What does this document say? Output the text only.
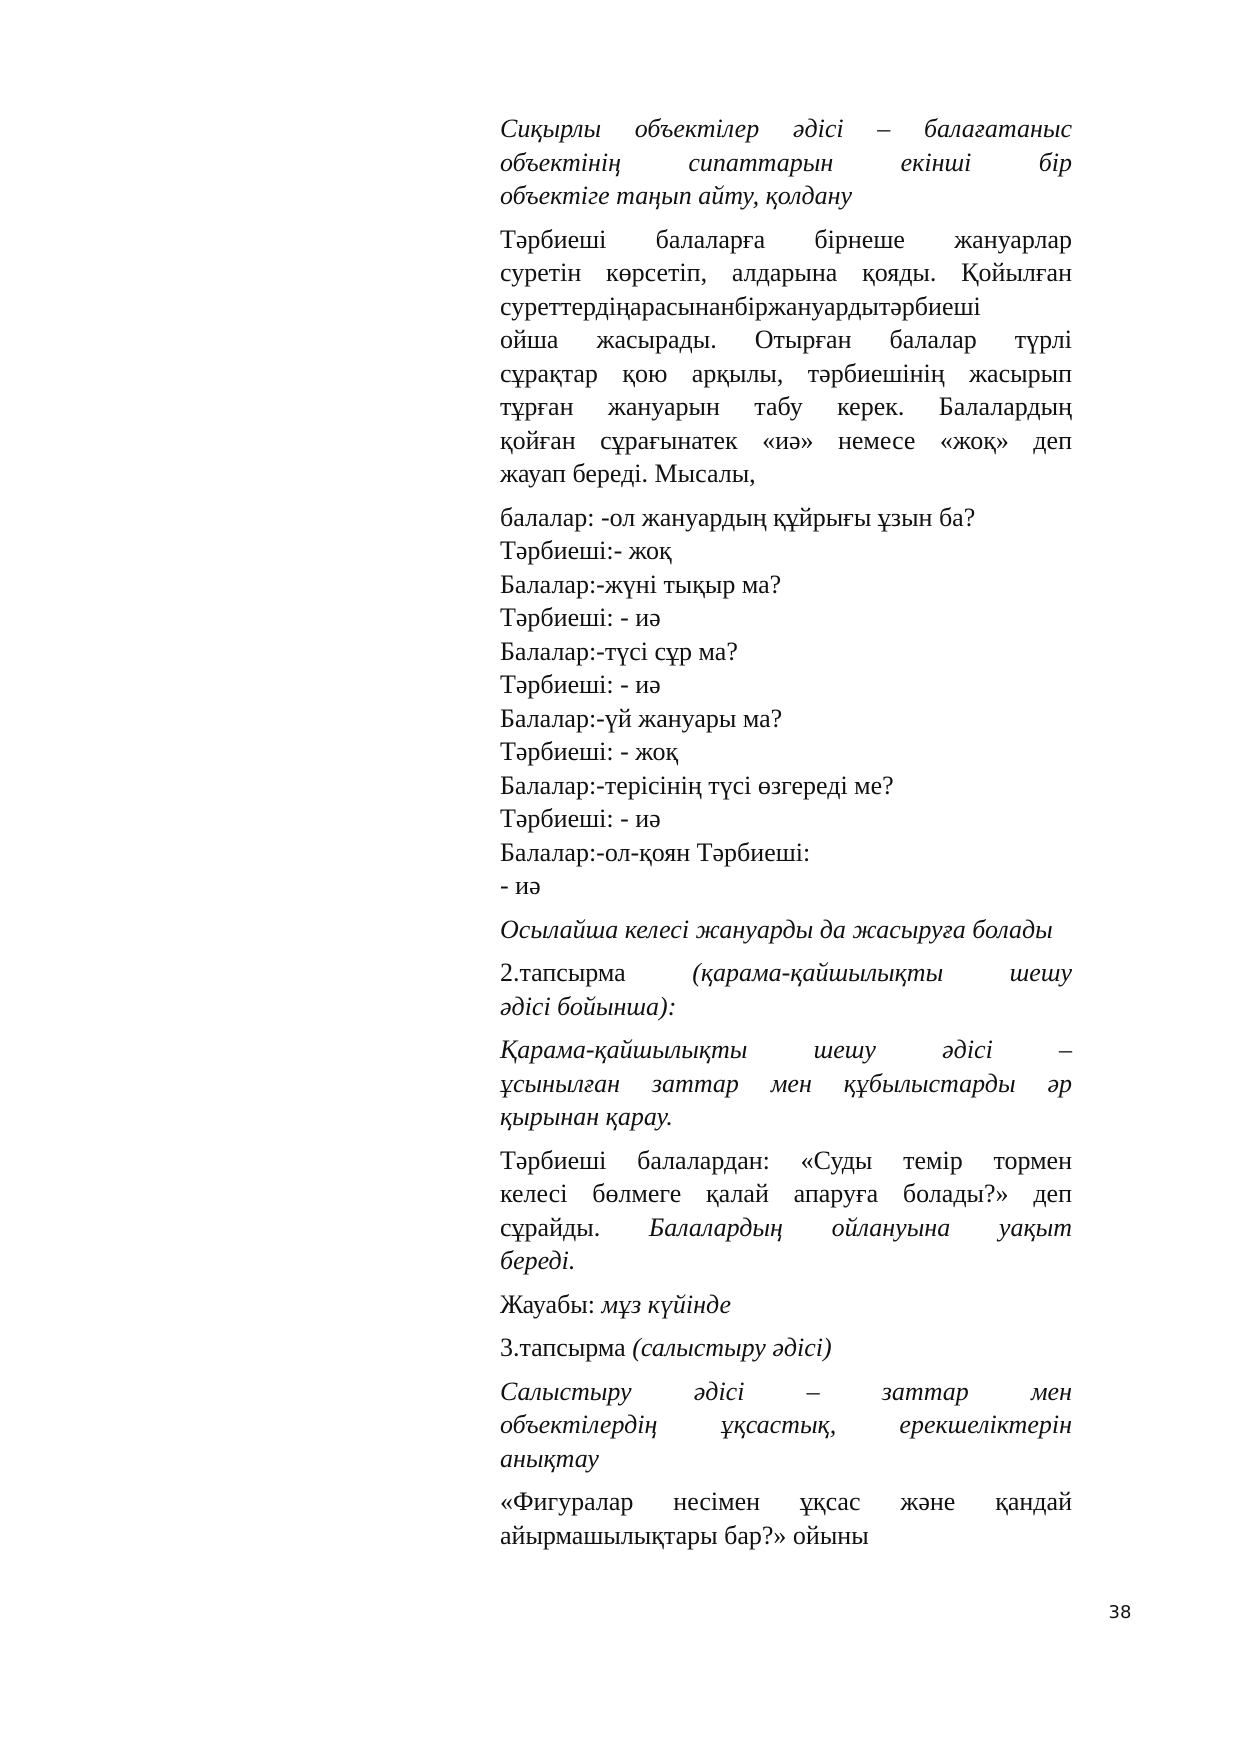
Сиқырлы объектілер әдісі – балағатаныс
объектінің сипаттарын екінші бір
объектіге таңып айту, қолдану

Тәрбиеші балаларға бірнеше жануарлар
суретін көрсетіп, алдарына қояды. Қойылған
суреттердіңарасынанбіржануардытәрбиеші
ойша жасырады. Отырған балалар түрлі
сұрақтар қою арқылы, тәрбиешінің жасырып
тұрған жануарын табу керек. Балалардың
қойған сұрағынатек «иә» немесе «жоқ» деп
жауап береді. Мысалы,

балалар: -ол жануардың құйрығы ұзын ба?
Тәрбиеші:- жоқ
Балалар:-жүні тықыр ма?
Тәрбиеші: - иә
Балалар:-түсі сұр ма?
Тәрбиеші: - иә
Балалар:-үй жануары ма?
Тәрбиеші: - жоқ
Балалар:-терісінің түсі өзгереді ме?
Тәрбиеші: - иә
Балалар:-ол-қоян Тәрбиеші:
- иә

Осылайша келесі жануарды да жасыруға болады

2.тапсырма	(қарама-қайшылықты шешу
әдісі бойынша):

Қарама-қайшылықты шешу әдісі –
ұсынылған заттар мен құбылыстарды әр
қырынан қарау.

Тәрбиеші балалардан: «Суды темір тормен
келесі бөлмеге қалай апаруға болады?» деп
сұрайды. Балалардың ойлануына уақыт
береді.

Жауабы: мұз күйінде

3.тапсырма (салыстыру әдісі)

Салыстыру әдісі – заттар мен
объектілердің ұқсастық, ерекшеліктерін
анықтау

«Фигуралар несімен ұқсас және қандай
айырмашылықтары бар?» ойыны

38
